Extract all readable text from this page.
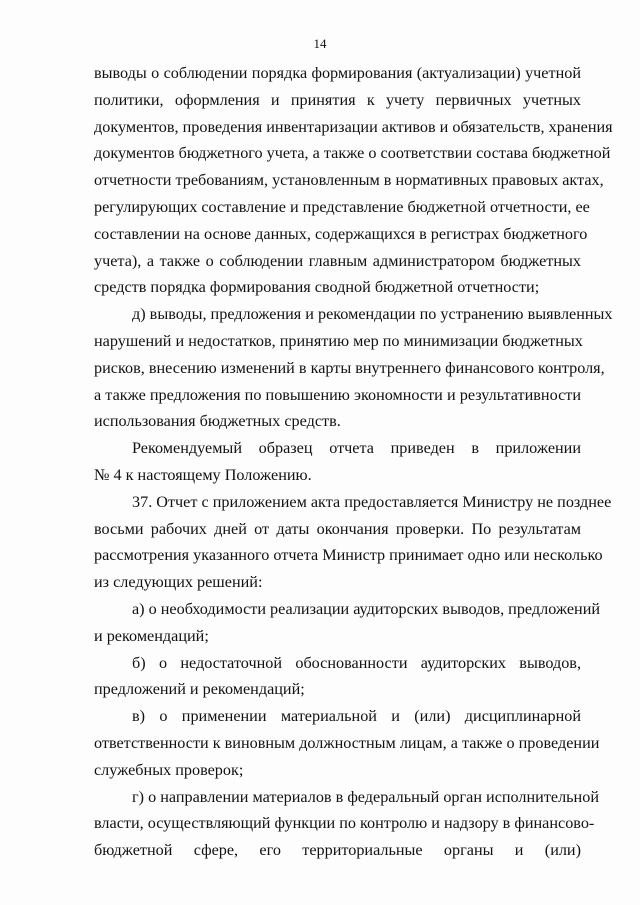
14
выводы о соблюдении порядка формирования (актуализации) учетной
политики, оформления и принятия к учету первичных учетных
документов, проведения инвентаризации активов и обязательств, хранения
документов бюджетного учета, а также о соответствии состава бюджетной
отчетности требованиям, установленным в нормативных правовых актах,
регулирующих составление и представление бюджетной отчетности, ее
составлении на основе данных, содержащихся в регистрах бюджетного
учета), а также о соблюдении главным администратором бюджетных
средств порядка формирования сводной бюджетной отчетности;
д) выводы, предложения и рекомендации по устранению выявленных
нарушений и недостатков, принятию мер по минимизации бюджетных
рисков, внесению изменений в карты внутреннего финансового контроля,
а также предложения по повышению экономности и результативности
использования бюджетных средств.
Рекомендуемый образец отчета приведен в приложении
№ 4 к настоящему Положению.
37. Отчет с приложением акта предоставляется Министру не позднее
восьми рабочих дней от даты окончания проверки. По результатам
рассмотрения указанного отчета Министр принимает одно или несколько
из следующих решений:
а) о необходимости реализации аудиторских выводов, предложений
и рекомендаций;
б) о недостаточной обоснованности аудиторских выводов,
предложений и рекомендаций;
в) о применении материальной и (или) дисциплинарной
ответственности к виновным должностным лицам, а также о проведении
служебных проверок;
г) о направлении материалов в федеральный орган исполнительной
власти, осуществляющий функции по контролю и надзору в финансово-
бюджетной сфере, его территориальные органы и (или)
